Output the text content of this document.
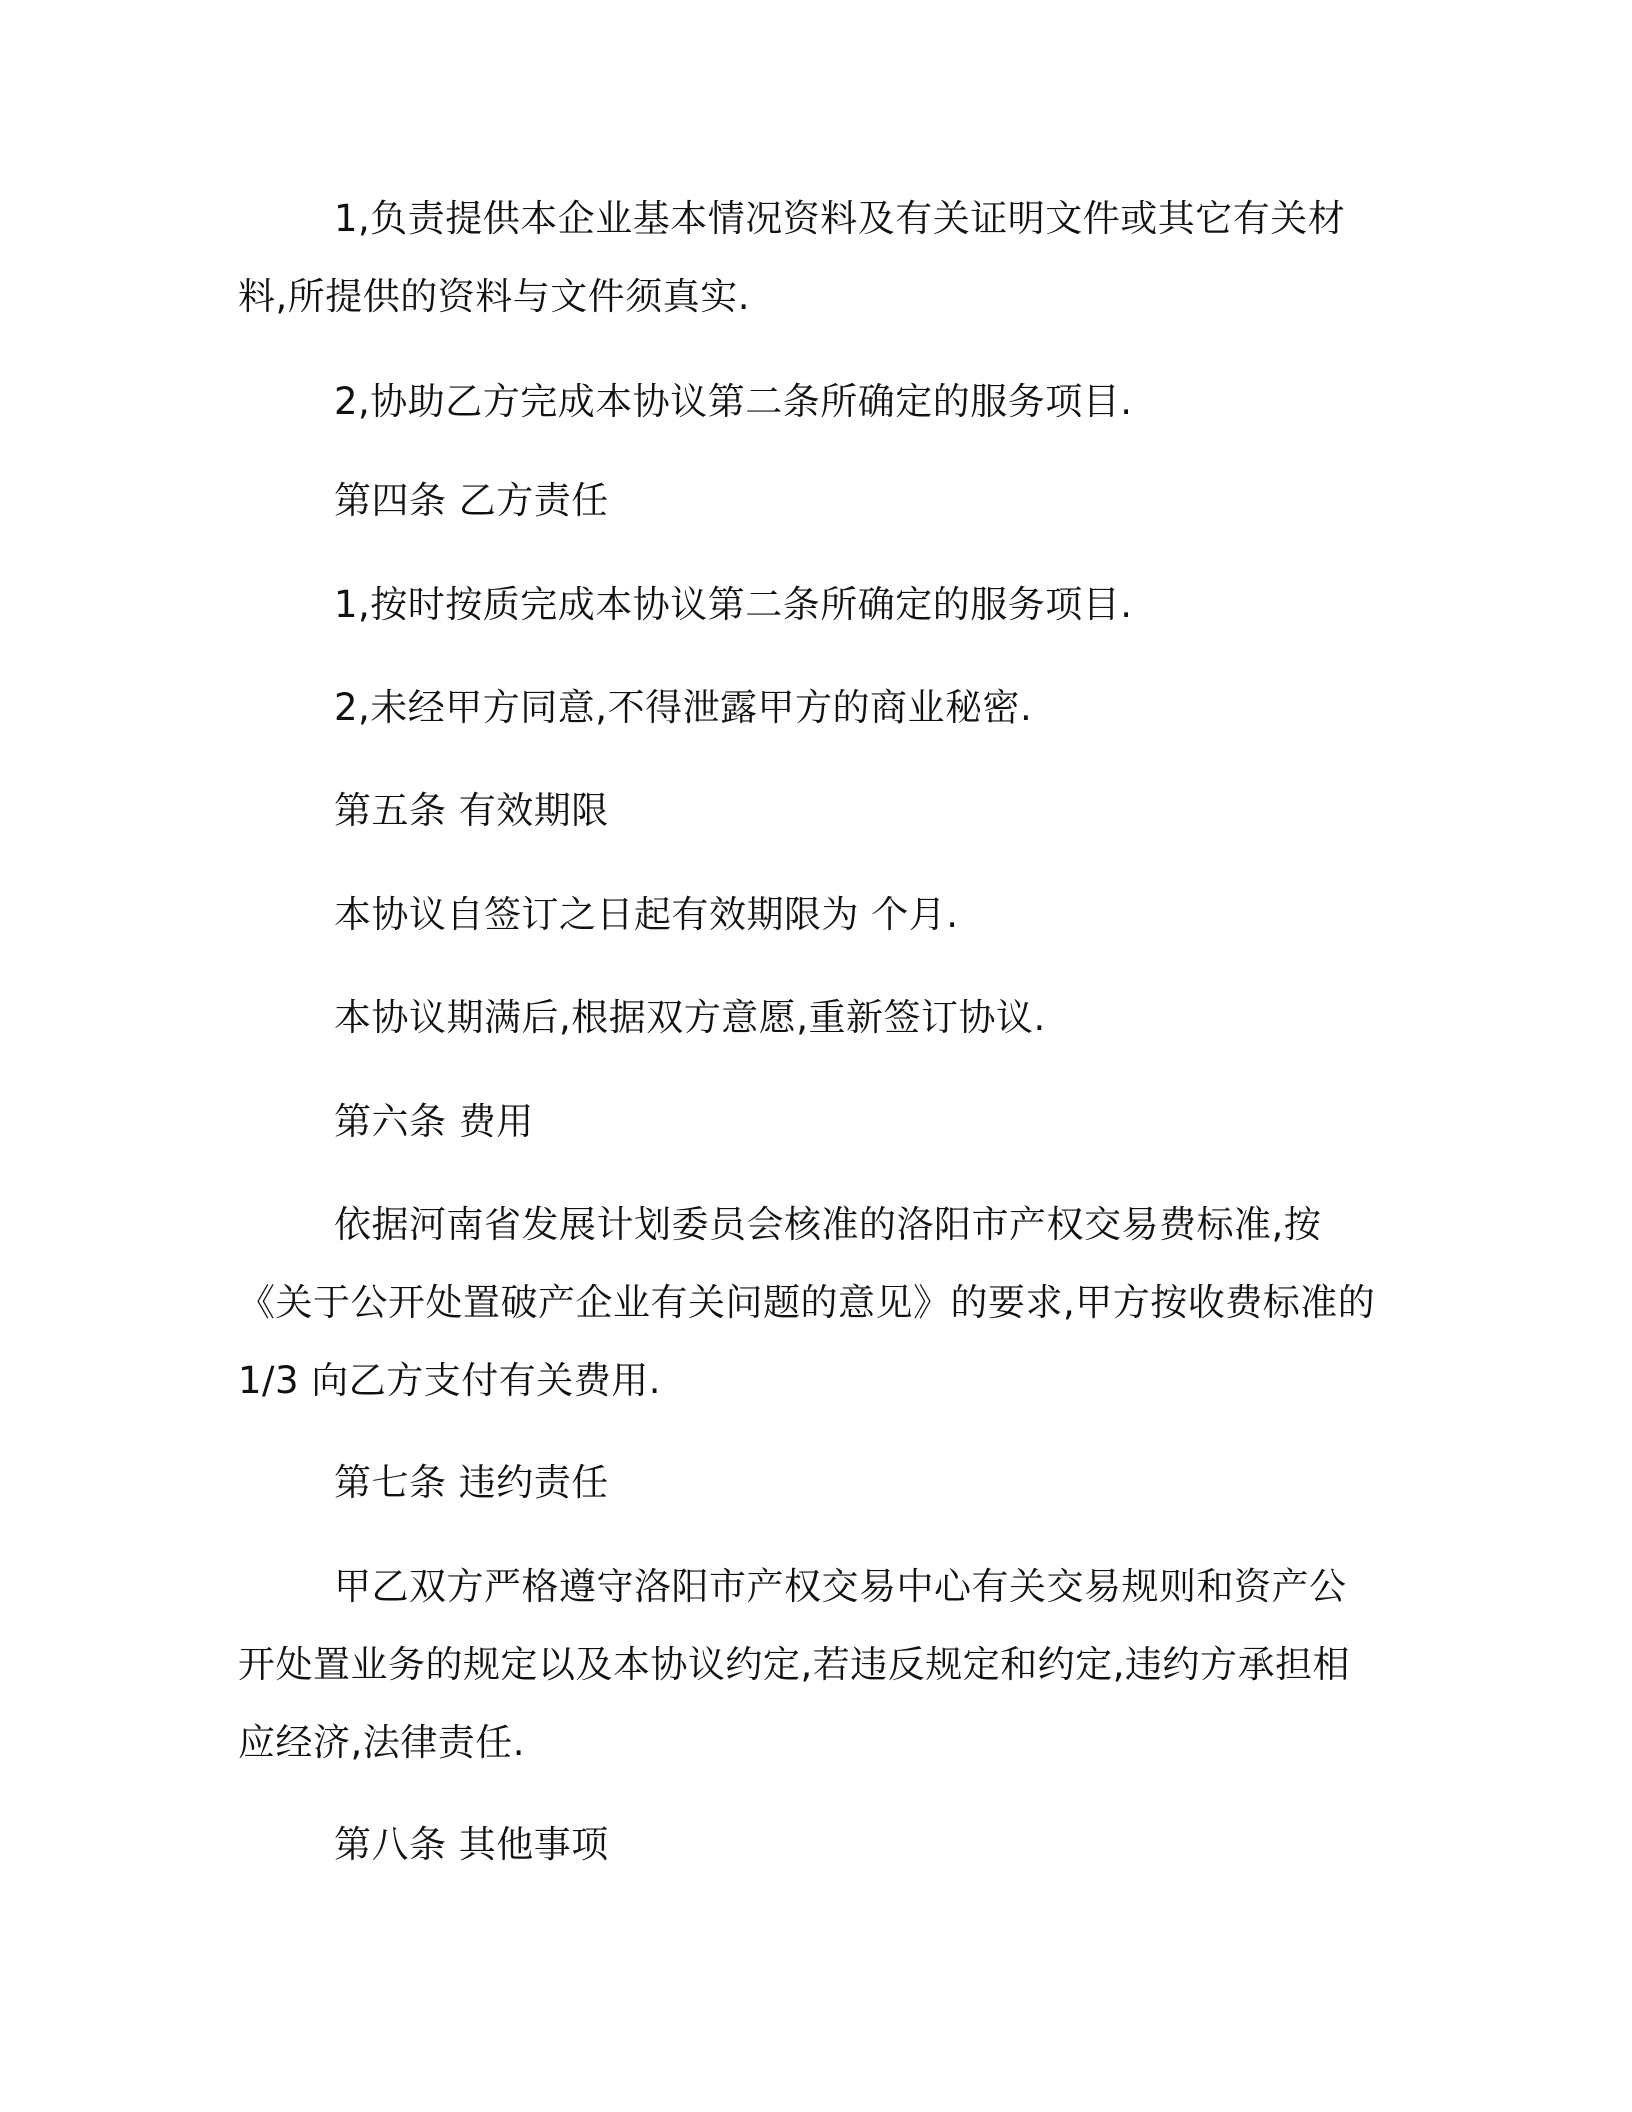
1,负责提供本企业基本情况资料及有关证明文件或其它有关材料,所提供的资料与文件须真实.

2,协助乙方完成本协议第二条所确定的服务项目.

第四条 乙方责任

1,按时按质完成本协议第二条所确定的服务项目.

2,未经甲方同意,不得泄露甲方的商业秘密.

第五条 有效期限

本协议自签订之日起有效期限为 个月.

本协议期满后,根据双方意愿,重新签订协议.

第六条 费用

依据河南省发展计划委员会核准的洛阳市产权交易费标准,按《关于公开处置破产企业有关问题的意见》的要求,甲方按收费标准的1/3 向乙方支付有关费用.

第七条 违约责任

甲乙双方严格遵守洛阳市产权交易中心有关交易规则和资产公开处置业务的规定以及本协议约定,若违反规定和约定,违约方承担相应经济,法律责任.

第八条 其他事项
